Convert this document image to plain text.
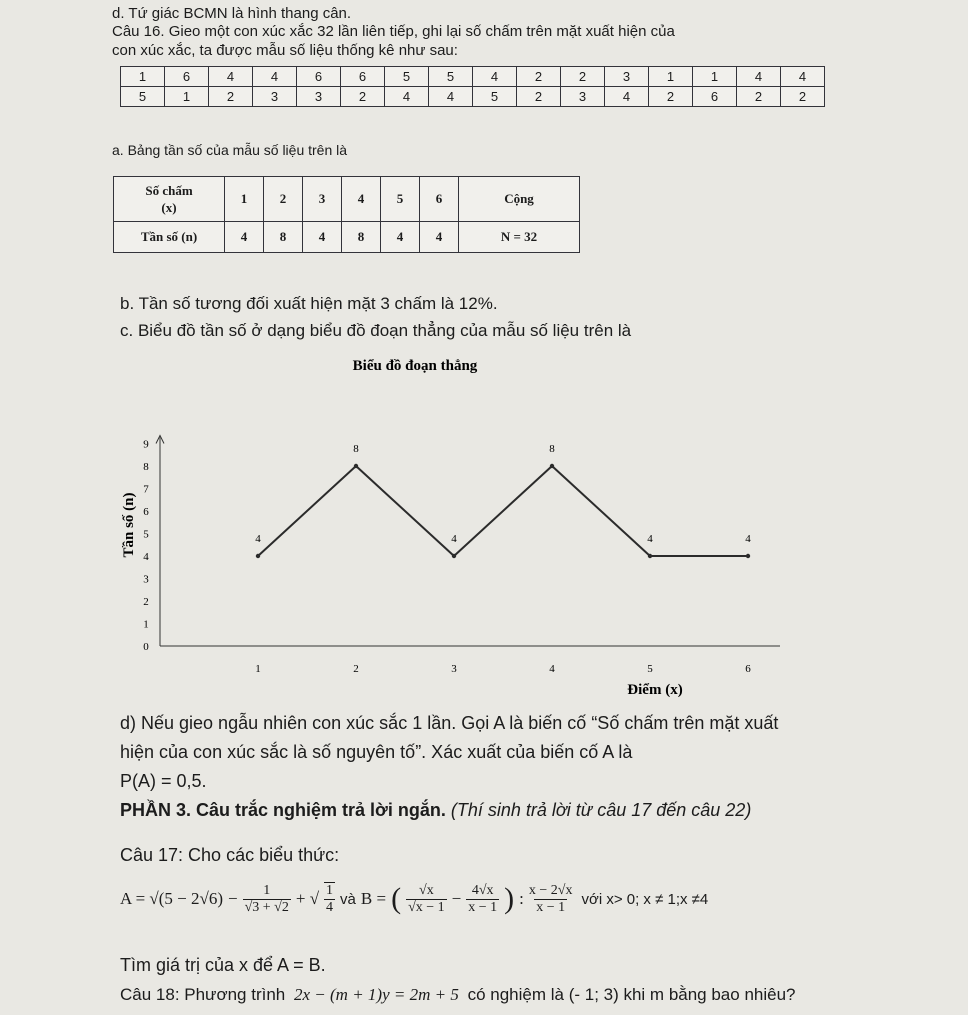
d. Tứ giác BCMN là hình thang cân.
Câu 16. Gieo một con xúc xắc 32 lần liên tiếp, ghi lại số chấm trên mặt xuất hiện của
con xúc xắc, ta được mẫu số liệu thống kê như sau:
1	6	4	4	6	6	5	5	4	2	2	3	1	1	4	4
5	1	2	3	3	2	4	4	5	2	3	4	2	6	2	2
a. Bảng tần số của mẫu số liệu trên là
Số chấm
(x)	1	2	3	4	5	6	Cộng
Tần số (n)	4	8	4	8	4	4	N = 32
b. Tần số tương đối xuất hiện mặt 3 chấm là 12%.
c. Biểu đồ tần số ở dạng biểu đồ đoạn thẳng của mẫu số liệu trên là
Biểu đồ đoạn thẳng
Điểm (x)
Tần số (n)
0
1
2
3
4
5
6
7
8
9
1	2	3	4	5	6
4
8
4
8
4	4
d) Nếu gieo ngẫu nhiên con xúc sắc 1 lần. Gọi A là biến cố “Số chấm trên mặt xuất
hiện của con xúc sắc là số nguyên tố”. Xác xuất của biến cố A là
P(A) = 0,5.
PHẦN 3. Câu trắc nghiệm trả lời ngắn. (Thí sinh trả lời từ câu 17 đến câu 22)
Câu 17: Cho các biểu thức:
$A = √(5 - 2√6) - \frac{1}{√3 + √2}$ + √ $\frac{1}{4}$ và B = ( $\frac{√x}{√x - 1} - \frac{4√x}{x - 1}$ ) : $\frac{x - 2√x}{x - 1}$ với x> 0; x ≠ 1;x ≠4
Tìm giá trị của x để A = B.
Câu 18: Phương trình 2x − (m + 1)y = 2m + 5 có nghiệm là (- 1; 3) khi m bằng bao nhiêu?
